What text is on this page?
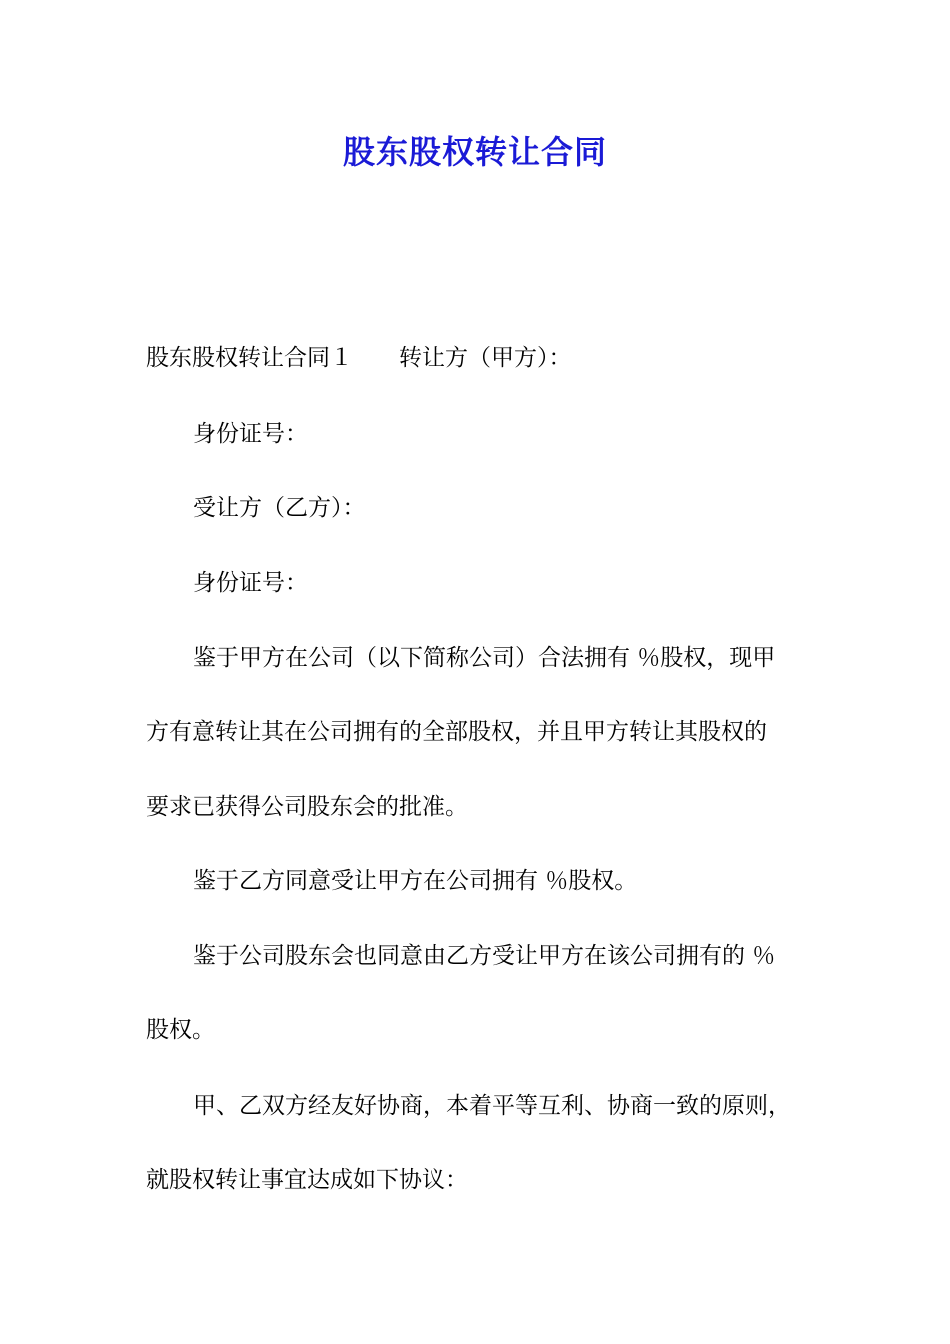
股东股权转让合同
股东股权转让合同１ 转让方（甲方）：
身份证号：
受让方（乙方）：
身份证号：
鉴于甲方在公司（以下简称公司）合法拥有 ％股权，现甲
方有意转让其在公司拥有的全部股权，并且甲方转让其股权的
要求已获得公司股东会的批准。
鉴于乙方同意受让甲方在公司拥有 ％股权。
鉴于公司股东会也同意由乙方受让甲方在该公司拥有的 ％
股权。
甲、乙双方经友好协商，本着平等互利、协商一致的原则，
就股权转让事宜达成如下协议：
